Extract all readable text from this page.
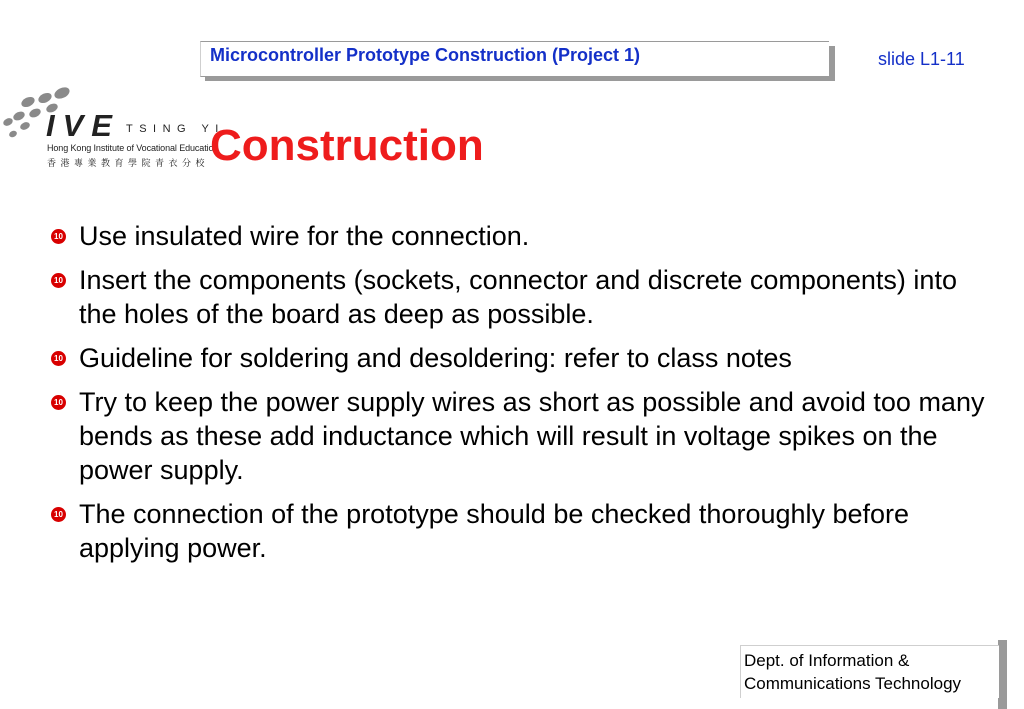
Microcontroller Prototype Construction (Project 1)	slide L1-11
IVE TSING YI
Hong Kong Institute of Vocational Education
香港專業教育學院青衣分校 Construction
10 Use insulated wire for the connection.
10 Insert the components (sockets, connector and discrete components) into the holes of the board as deep as possible.
10 Guideline for soldering and desoldering: refer to class notes
10 Try to keep the power supply wires as short as possible and avoid too many bends as these add inductance which will result in voltage spikes on the power supply.
10 The connection of the prototype should be checked thoroughly before applying power.
Dept. of Information &
Communications Technology
